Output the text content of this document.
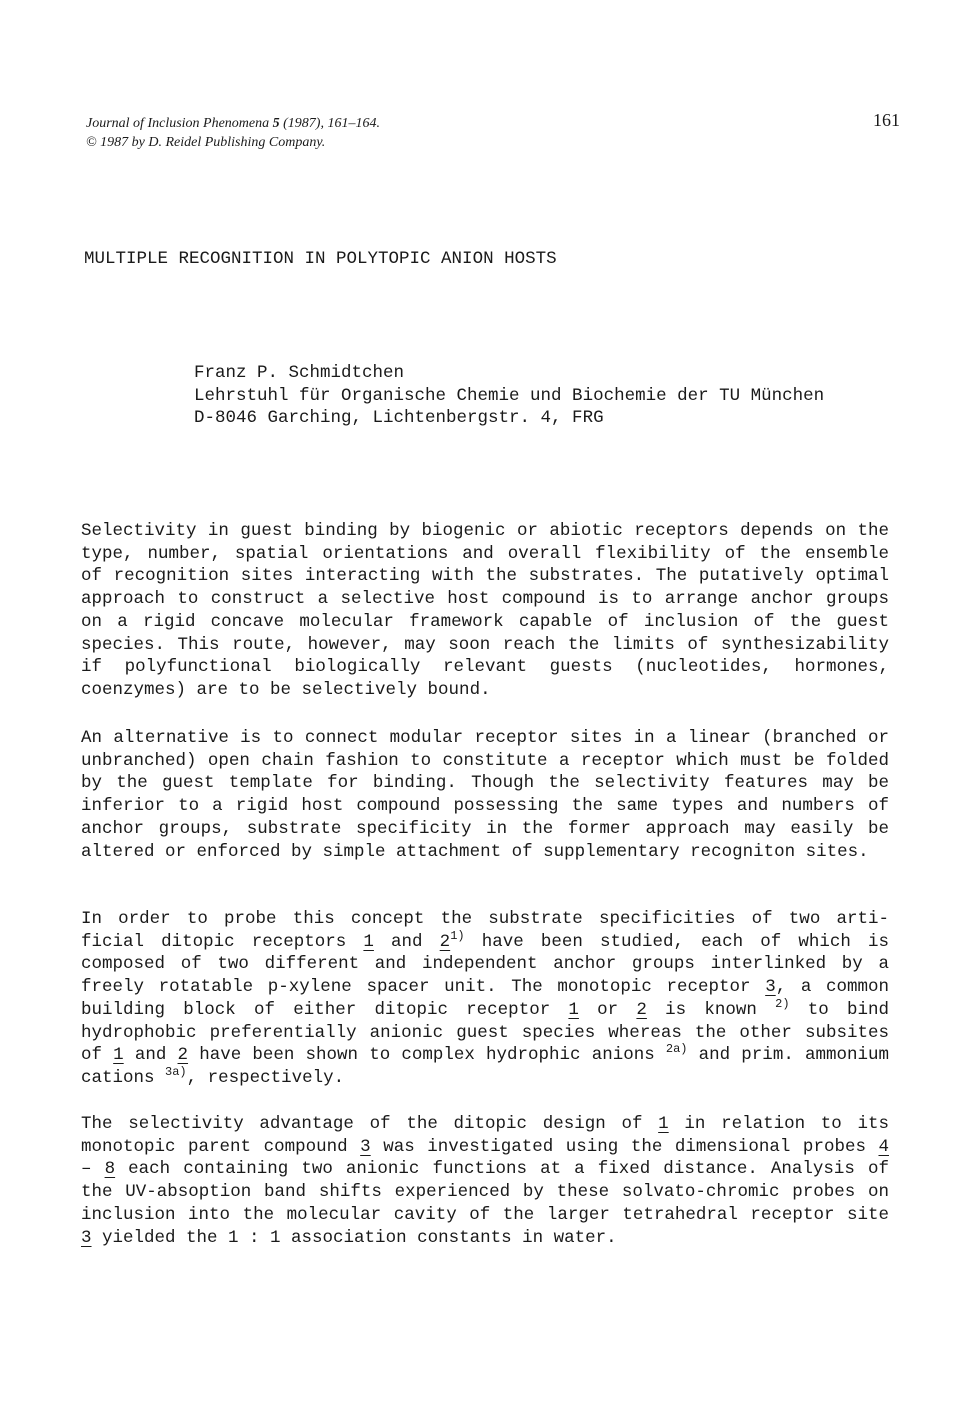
Journal of Inclusion Phenomena 5 (1987), 161–164.
© 1987 by D. Reidel Publishing Company.
161
MULTIPLE RECOGNITION IN POLYTOPIC ANION HOSTS
Franz P. Schmidtchen
Lehrstuhl für Organische Chemie und Biochemie der TU München
D-8046 Garching, Lichtenbergstr. 4, FRG

Selectivity in guest binding by biogenic or abiotic receptors depends on the type, number, spatial orientations and overall flexibility of the ensemble of recognition sites interacting with the substrates. The putatively optimal approach to construct a selective host compound is to arrange anchor groups on a rigid concave molecular framework capable of inclusion of the guest species. This route, however, may soon reach the limits of synthesizability if polyfunctional biologically relevant guests (nucleotides, hormones, coenzymes) are to be selectively bound.

An alternative is to connect modular receptor sites in a linear (branched or unbranched) open chain fashion to constitute a receptor which must be folded by the guest template for binding. Though the selectivity features may be inferior to a rigid host compound possessing the same types and numbers of anchor groups, substrate specificity in the former approach may easily be altered or enforced by simple attachment of supplementary recogniton sites.

In order to probe this concept the substrate specificities of two arti-ficial ditopic receptors 1 and 2$^{1)}$ have been studied, each of which is composed of two different and independent anchor groups interlinked by a freely rotatable p-xylene spacer unit. The monotopic receptor 3, a common building block of either ditopic receptor 1 or 2 is known $^{2)}$ to bind hydrophobic preferentially anionic guest species whereas the other subsites of 1 and 2 have been shown to complex hydrophic anions $^{2a)}$ and prim. ammonium cations $^{3a)}$, respectively.

The selectivity advantage of the ditopic design of 1 in relation to its monotopic parent compound 3 was investigated using the dimensional probes 4 – 8 each containing two anionic functions at a fixed distance. Analysis of the UV-absoption band shifts experienced by these solvato-chromic probes on inclusion into the molecular cavity of the larger tetrahedral receptor site 3 yielded the 1 : 1 association constants in water.
